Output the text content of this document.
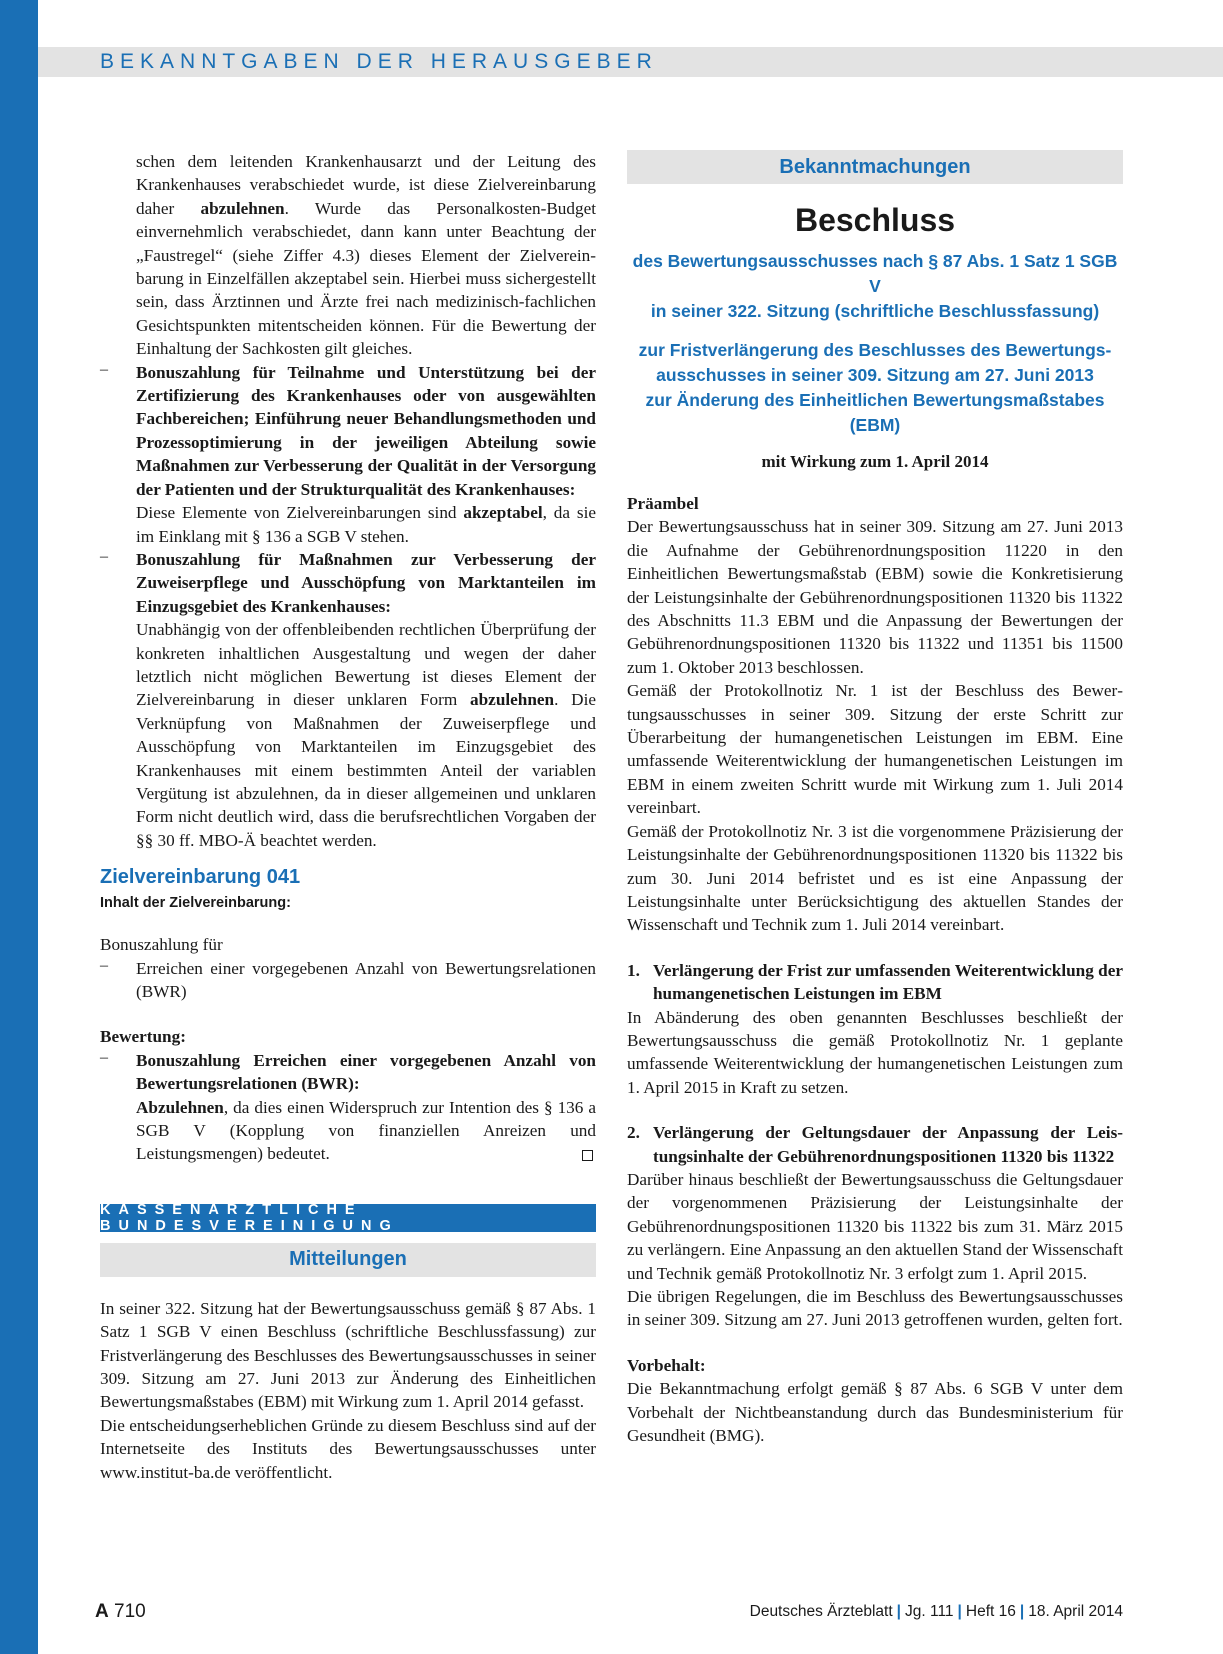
BEKANNTGABEN DER HERAUSGEBER

schen dem leitenden Krankenhausarzt und der Leitung des Krankenhauses verabschiedet wurde, ist diese Zielvereinbarung daher abzulehnen. Wurde das Personalkosten-Budget einvernehmlich verabschiedet, dann kann unter Beachtung der „Faustregel“ (siehe Ziffer 4.3) dieses Element der Zielvereinbarung in Einzelfällen akzeptabel sein. Hierbei muss sichergestellt sein, dass Ärztinnen und Ärzte frei nach medizinisch-fachlichen Gesichtspunkten mitentscheiden können. Für die Bewertung der Einhaltung der Sachkosten gilt gleiches.

– Bonuszahlung für Teilnahme und Unterstützung bei der Zertifizierung des Krankenhauses oder von ausgewählten Fachbereichen; Einführung neuer Behandlungsmethoden und Prozessoptimierung in der jeweiligen Abteilung sowie Maßnahmen zur Verbesserung der Qualität in der Versorgung der Patienten und der Strukturqualität des Krankenhauses:

Diese Elemente von Zielvereinbarungen sind akzeptabel, da sie im Einklang mit § 136 a SGB V stehen.

– Bonuszahlung für Maßnahmen zur Verbesserung der Zuweiserpflege und Ausschöpfung von Marktanteilen im Einzugsgebiet des Krankenhauses:

Unabhängig von der offenbleibenden rechtlichen Überprüfung der konkreten inhaltlichen Ausgestaltung und wegen der daher letztlich nicht möglichen Bewertung ist dieses Element der Zielvereinbarung in dieser unklaren Form abzulehnen. Die Verknüpfung von Maßnahmen der Zuweiserpflege und Ausschöpfung von Marktanteilen im Einzugsgebiet des Krankenhauses mit einem bestimmten Anteil der variablen Vergütung ist abzulehnen, da in dieser allgemeinen und unklaren Form nicht deutlich wird, dass die berufsrechtlichen Vorgaben der §§ 30 ff. MBO-Ä beachtet werden.

Zielvereinbarung 041
Inhalt der Zielvereinbarung:

Bonuszahlung für

– Erreichen einer vorgegebenen Anzahl von Bewertungsrelationen (BWR)

Bewertung:

– Bonuszahlung Erreichen einer vorgegebenen Anzahl von Bewertungsrelationen (BWR):

Abzulehnen, da dies einen Widerspruch zur Intention des § 136 a SGB V (Kopplung von finanziellen Anreizen und Leistungsmengen) bedeutet.

KASSENÄRZTLICHE BUNDESVEREINIGUNG
Mitteilungen

In seiner 322. Sitzung hat der Bewertungsausschuss gemäß § 87 Abs. 1 Satz 1 SGB V einen Beschluss (schriftliche Beschlussfassung) zur Fristverlängerung des Beschlusses des Bewertungsausschusses in seiner 309. Sitzung am 27. Juni 2013 zur Änderung des Einheitlichen Bewertungsmaßstabes (EBM) mit Wirkung zum 1. April 2014 gefasst.

Die entscheidungserheblichen Gründe zu diesem Beschluss sind auf der Internetseite des Instituts des Bewertungsausschusses unter www.institut-ba.de veröffentlicht.

Bekanntmachungen
Beschluss
des Bewertungsausschusses nach § 87 Abs. 1 Satz 1 SGB V
in seiner 322. Sitzung (schriftliche Beschlussfassung)
zur Fristverlängerung des Beschlusses des Bewertungs-
ausschusses in seiner 309. Sitzung am 27. Juni 2013
zur Änderung des Einheitlichen Bewertungsmaßstabes (EBM)
mit Wirkung zum 1. April 2014

Präambel

Der Bewertungsausschuss hat in seiner 309. Sitzung am 27. Juni 2013 die Aufnahme der Gebührenordnungsposition 11220 in den Einheitlichen Bewertungsmaßstab (EBM) sowie die Konkretisierung der Leistungsinhalte der Gebührenordnungspositionen 11320 bis 11322 des Abschnitts 11.3 EBM und die Anpassung der Bewertungen der Gebührenordnungspositionen 11320 bis 11322 und 11351 bis 11500 zum 1. Oktober 2013 beschlossen.

Gemäß der Protokollnotiz Nr. 1 ist der Beschluss des Bewertungsausschusses in seiner 309. Sitzung der erste Schritt zur Überarbeitung der humangenetischen Leistungen im EBM. Eine umfassende Weiterentwicklung der humangenetischen Leistungen im EBM in einem zweiten Schritt wurde mit Wirkung zum 1. Juli 2014 vereinbart.

Gemäß der Protokollnotiz Nr. 3 ist die vorgenommene Präzisierung der Leistungsinhalte der Gebührenordnungspositionen 11320 bis 11322 bis zum 30. Juni 2014 befristet und es ist eine Anpassung der Leistungsinhalte unter Berücksichtigung des aktuellen Standes der Wissenschaft und Technik zum 1. Juli 2014 vereinbart.

1. Verlängerung der Frist zur umfassenden Weiterentwicklung der humangenetischen Leistungen im EBM

In Abänderung des oben genannten Beschlusses beschließt der Bewertungsausschuss die gemäß Protokollnotiz Nr. 1 geplante umfassende Weiterentwicklung der humangenetischen Leistungen zum 1. April 2015 in Kraft zu setzen.

2. Verlängerung der Geltungsdauer der Anpassung der Leistungsinhalte der Gebührenordnungspositionen 11320 bis 11322

Darüber hinaus beschließt der Bewertungsausschuss die Geltungsdauer der vorgenommenen Präzisierung der Leistungsinhalte der Gebührenordnungspositionen 11320 bis 11322 bis zum 31. März 2015 zu verlängern. Eine Anpassung an den aktuellen Stand der Wissenschaft und Technik gemäß Protokollnotiz Nr. 3 erfolgt zum 1. April 2015.

Die übrigen Regelungen, die im Beschluss des Bewertungsausschusses in seiner 309. Sitzung am 27. Juni 2013 getroffenen wurden, gelten fort.

Vorbehalt:

Die Bekanntmachung erfolgt gemäß § 87 Abs. 6 SGB V unter dem Vorbehalt der Nichtbeanstandung durch das Bundesministerium für Gesundheit (BMG).

A 710	Deutsches Ärzteblatt | Jg. 111 | Heft 16 | 18. April 2014
